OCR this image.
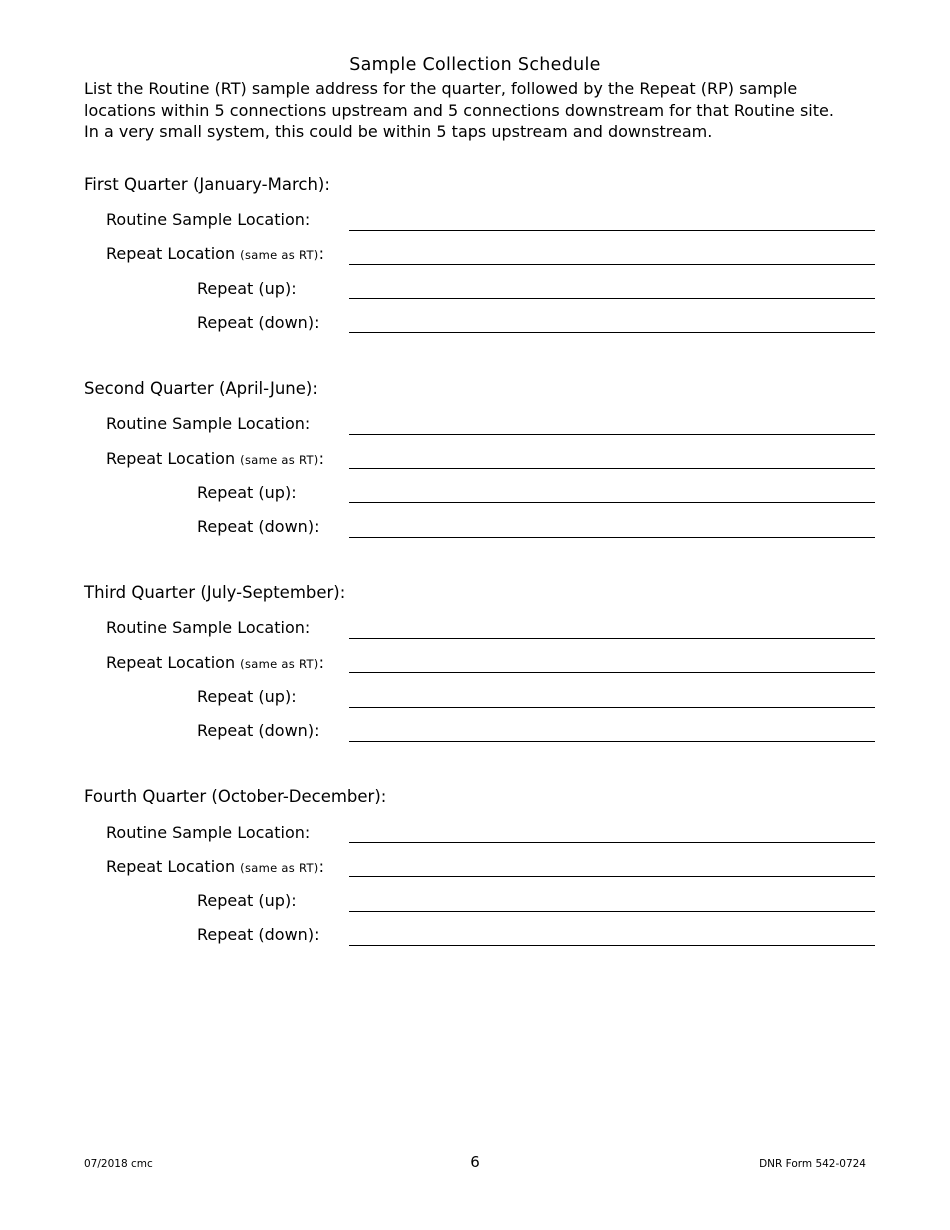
Sample Collection Schedule
List the Routine (RT) sample address for the quarter, followed by the Repeat (RP) sample
locations within 5 connections upstream and 5 connections downstream for that Routine site.
In a very small system, this could be within 5 taps upstream and downstream.
First Quarter (January-March):
Routine Sample Location:
Repeat Location (same as RT):
Repeat (up):
Repeat (down):
Second Quarter (April-June):
Routine Sample Location:
Repeat Location (same as RT):
Repeat (up):
Repeat (down):
Third Quarter (July-September):
Routine Sample Location:
Repeat Location (same as RT):
Repeat (up):
Repeat (down):
Fourth Quarter (October-December):
Routine Sample Location:
Repeat Location (same as RT):
Repeat (up):
Repeat (down):
07/2018 cmc	6	DNR Form 542-0724
